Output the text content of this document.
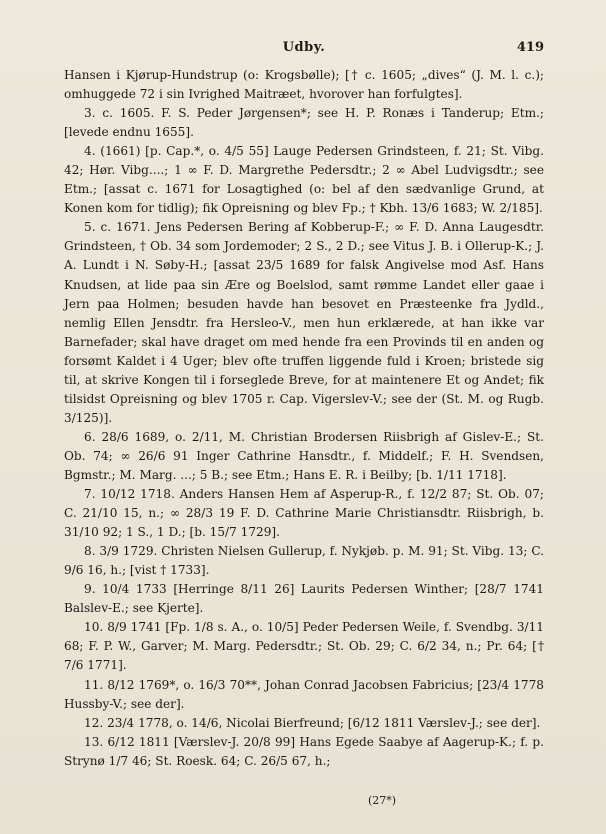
Udby.	419

Hansen i Kjørup-Hundstrup (o: Krogsbølle); [† c. 1605; „dives“ (J. M. l. c.); omhuggede 72 i sin Ivrighed Maitræet, hvorover han forfulgtes].

3. c. 1605. F. S. Peder Jørgensen*; see H. P. Ronæs i Tanderup; Etm.; [levede endnu 1655].

4. (1661) [p. Cap.*, o. 4/5 55] Lauge Pedersen Grindsteen, f. 21; St. Vibg. 42; Hør. Vibg....; 1 ∞ F. D. Margrethe Pedersdtr.; 2 ∞ Abel Ludvigsdtr.; see Etm.; [assat c. 1671 for Losagtighed (o: bel af den sædvanlige Grund, at Konen kom for tidlig); fik Opreisning og blev Fp.; † Kbh. 13/6 1683; W. 2/185].

5. c. 1671. Jens Pedersen Bering af Kobberup-F.; ∞ F. D. Anna Laugesdtr. Grindsteen, † Ob. 34 som Jordemoder; 2 S., 2 D.; see Vitus J. B. i Ollerup-K.; J. A. Lundt i N. Søby-H.; [assat 23/5 1689 for falsk Angivelse mod Asf. Hans Knudsen, at lide paa sin Ære og Boelslod, samt rømme Landet eller gaae i Jern paa Holmen; besuden havde han besovet en Præsteenke fra Jydld., nemlig Ellen Jensdtr. fra Hersleo-V., men hun erklærede, at han ikke var Barnefader; skal have draget om med hende fra een Provinds til en anden og forsømt Kaldet i 4 Uger; blev ofte truffen liggende fuld i Kroen; bristede sig til, at skrive Kongen til i forseglede Breve, for at maintenere Et og Andet; fik tilsidst Opreisning og blev 1705 r. Cap. Vigerslev-V.; see der (St. M. og Rugb. 3/125)].

6. 28/6 1689, o. 2/11, M. Christian Brodersen Riisbrigh af Gislev-E.; St. Ob. 74; ∞ 26/6 91 Inger Cathrine Hansdtr., f. Middelf.; F. H. Svendsen, Bgmstr.; M. Marg. ...; 5 B.; see Etm.; Hans E. R. i Beilby; [b. 1/11 1718].

7. 10/12 1718. Anders Hansen Hem af Asperup-R., f. 12/2 87; St. Ob. 07; C. 21/10 15, n.; ∞ 28/3 19 F. D. Cathrine Marie Christiansdtr. Riisbrigh, b. 31/10 92; 1 S., 1 D.; [b. 15/7 1729].

8. 3/9 1729. Christen Nielsen Gullerup, f. Nykjøb. p. M. 91; St. Vibg. 13; C. 9/6 16, h.; [vist † 1733].

9. 10/4 1733 [Herringe 8/11 26] Laurits Pedersen Winther; [28/7 1741 Balslev-E.; see Kjerte].

10. 8/9 1741 [Fp. 1/8 s. A., o. 10/5] Peder Pedersen Weile, f. Svendbg. 3/11 68; F. P. W., Garver; M. Marg. Pedersdtr.; St. Ob. 29; C. 6/2 34, n.; Pr. 64; [† 7/6 1771].

11. 8/12 1769*, o. 16/3 70**, Johan Conrad Jacobsen Fabricius; [23/4 1778 Hussby-V.; see der].

12. 23/4 1778, o. 14/6, Nicolai Bierfreund; [6/12 1811 Værslev-J.; see der].

13. 6/12 1811 [Værslev-J. 20/8 99] Hans Egede Saabye af Aagerup-K.; f. p. Strynø 1/7 46; St. Roesk. 64; C. 26/5 67, h.;

(27*)
